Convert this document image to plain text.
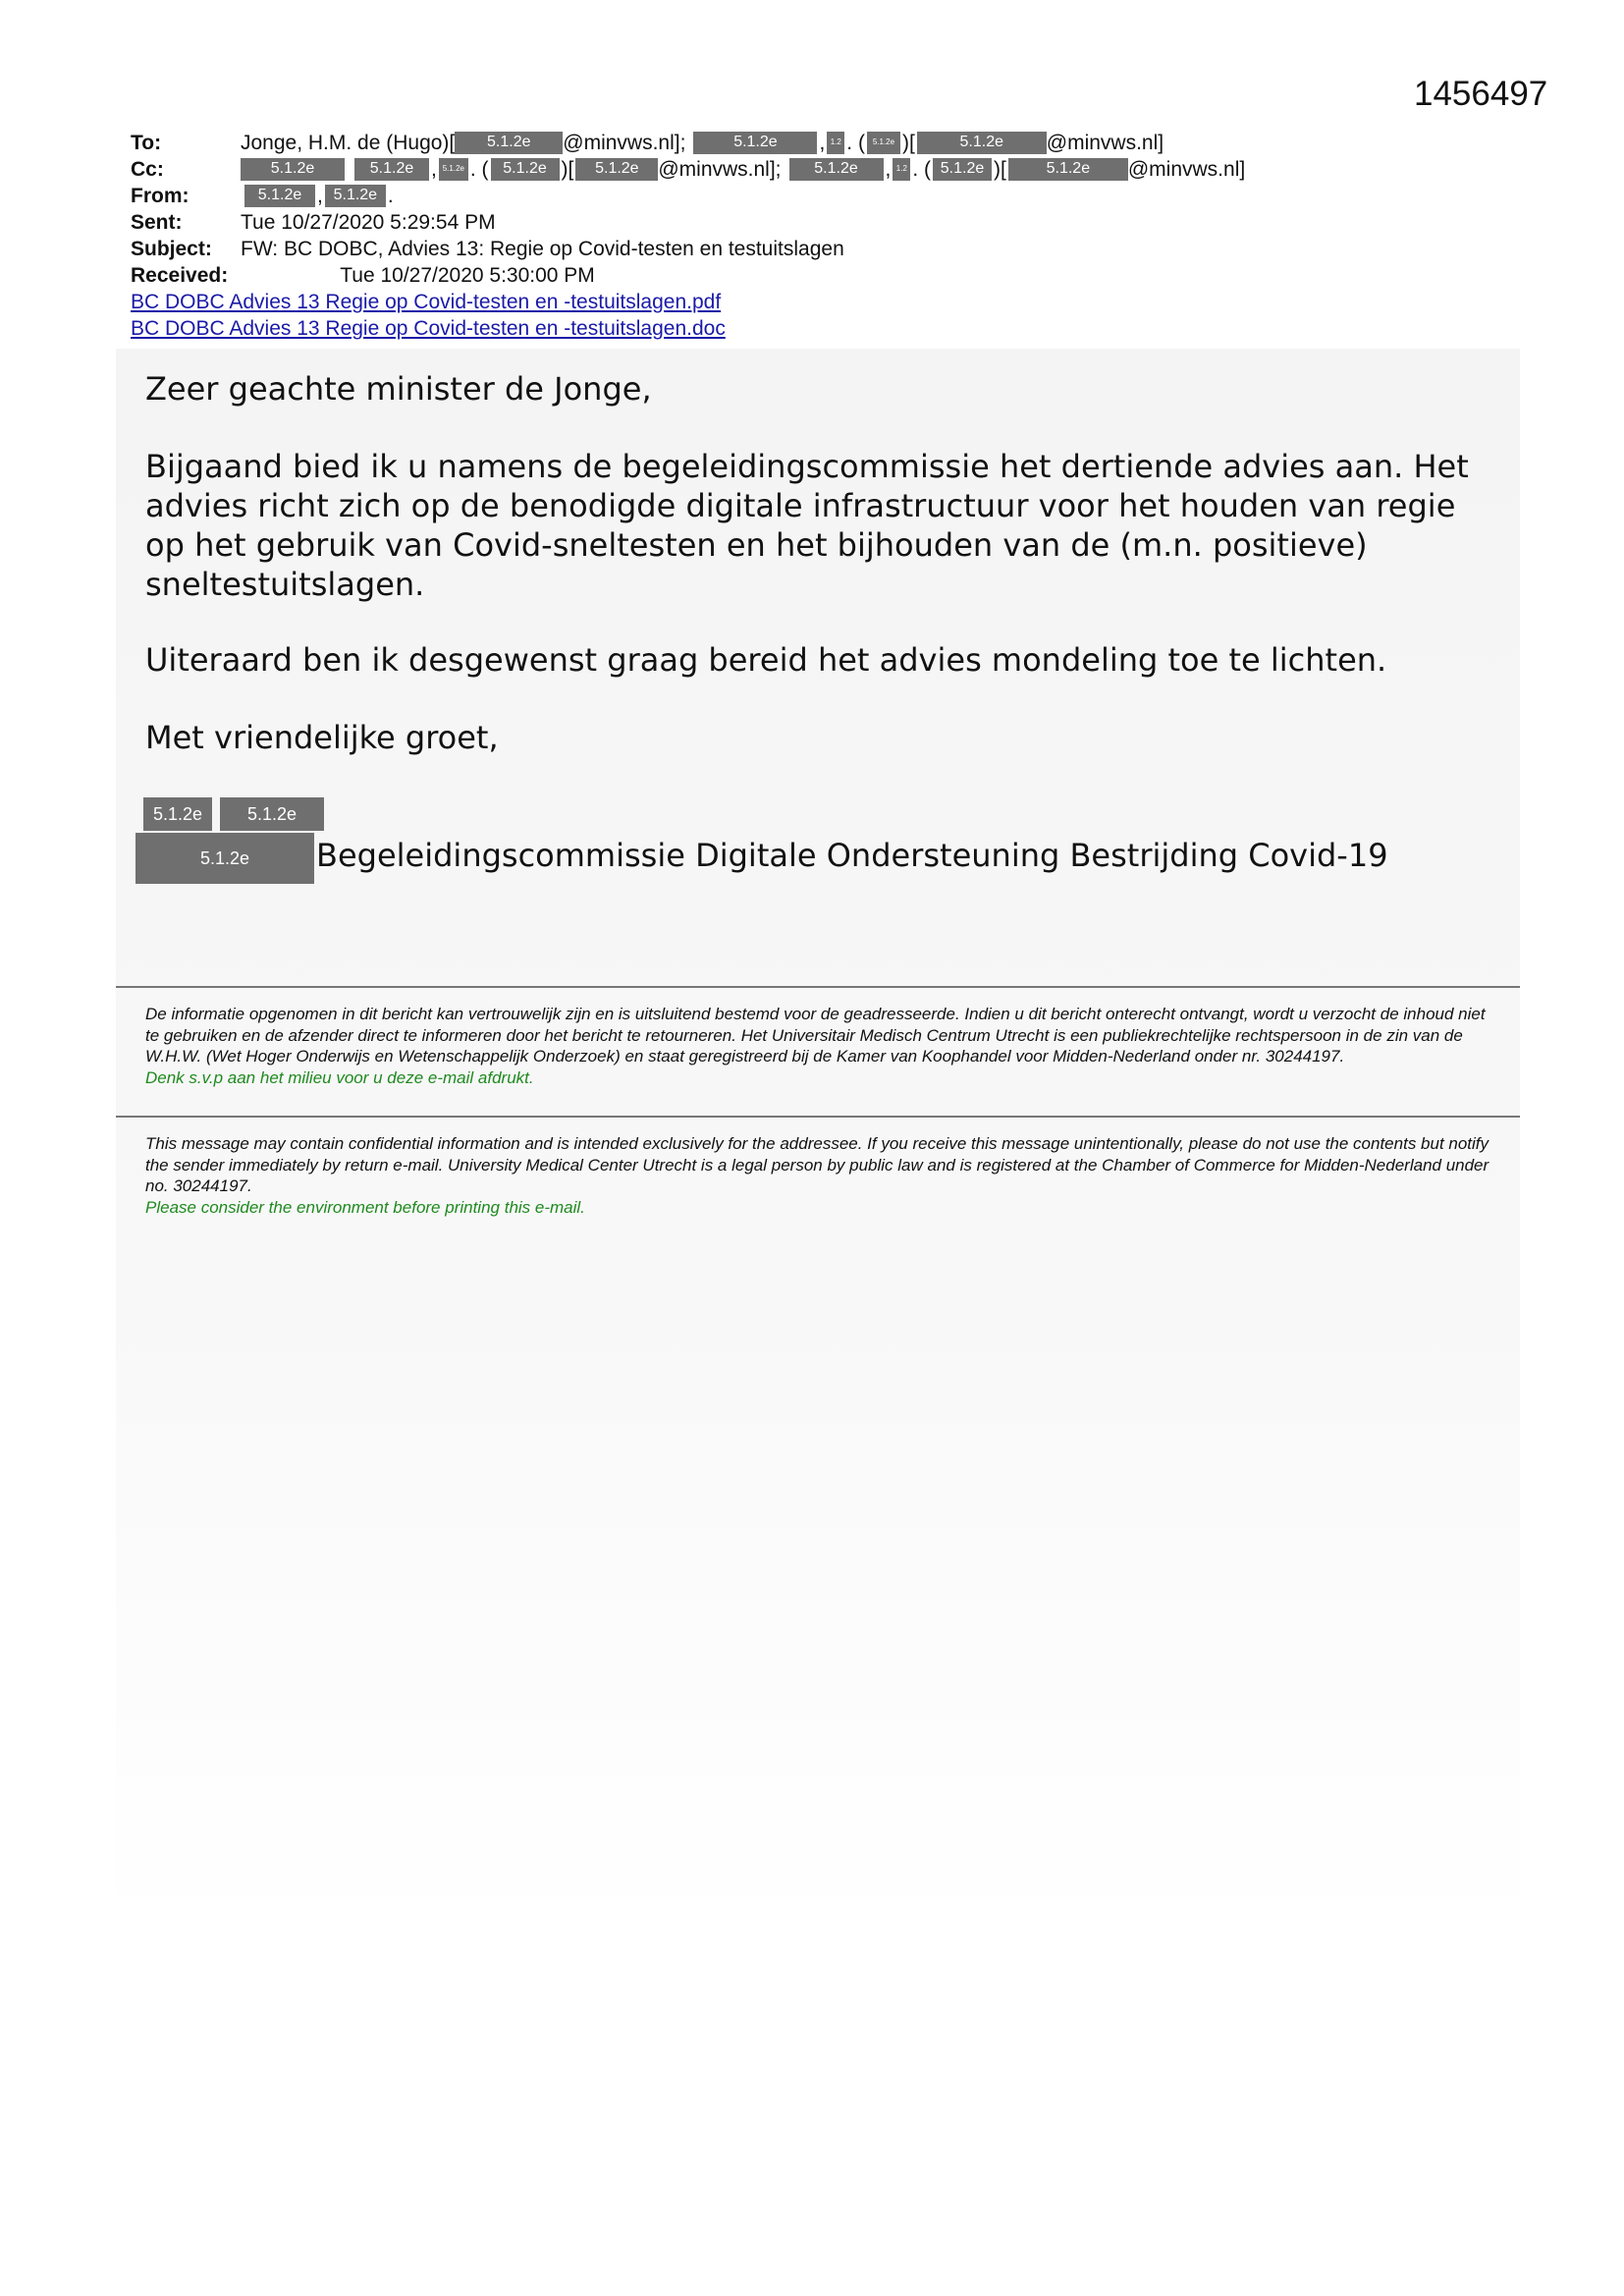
1456497
To:	Jonge, H.M. de (Hugo)[	5.1.2e	@minvws.nl];	5.1.2e	, 1.2 . ( 5.1.2e )[	5.1.2e	@minvws.nl]
Cc:	5.1.2e	5.1.2e , 5.1.2e . ( 5.1.2e )[	5.1.2e @minvws.nl];	5.1.2e	, 1.2 . ( 5.1.2e )[	5.1.2e	@minvws.nl]
From:	5.1.2e , 5.1.2e .
Sent:	Tue 10/27/2020 5:29:54 PM
Subject:	FW: BC DOBC, Advies 13: Regie op Covid-testen en testuitslagen
Received:	Tue 10/27/2020 5:30:00 PM
BC DOBC Advies 13 Regie op Covid-testen en -testuitslagen.pdf
BC DOBC Advies 13 Regie op Covid-testen en -testuitslagen.doc
Zeer geachte minister de Jonge,
Bijgaand bied ik u namens de begeleidingscommissie het dertiende advies aan. Het advies richt zich op de benodigde digitale infrastructuur voor het houden van regie op het gebruik van Covid-sneltesten en het bijhouden van de (m.n. positieve) sneltestuitslagen.
Uiteraard ben ik desgewenst graag bereid het advies mondeling toe te lichten.
Met vriendelijke groet,
5.1.2e	5.1.2e
5.1.2e	Begeleidingscommissie Digitale Ondersteuning Bestrijding Covid-19
De informatie opgenomen in dit bericht kan vertrouwelijk zijn en is uitsluitend bestemd voor de geadresseerde. Indien u dit bericht onterecht ontvangt, wordt u verzocht de inhoud niet te gebruiken en de afzender direct te informeren door het bericht te retourneren. Het Universitair Medisch Centrum Utrecht is een publiekrechtelijke rechtspersoon in de zin van de W.H.W. (Wet Hoger Onderwijs en Wetenschappelijk Onderzoek) en staat geregistreerd bij de Kamer van Koophandel voor Midden-Nederland onder nr. 30244197.
Denk s.v.p aan het milieu voor u deze e-mail afdrukt.
This message may contain confidential information and is intended exclusively for the addressee. If you receive this message unintentionally, please do not use the contents but notify the sender immediately by return e-mail. University Medical Center Utrecht is a legal person by public law and is registered at the Chamber of Commerce for Midden-Nederland under no. 30244197.
Please consider the environment before printing this e-mail.
